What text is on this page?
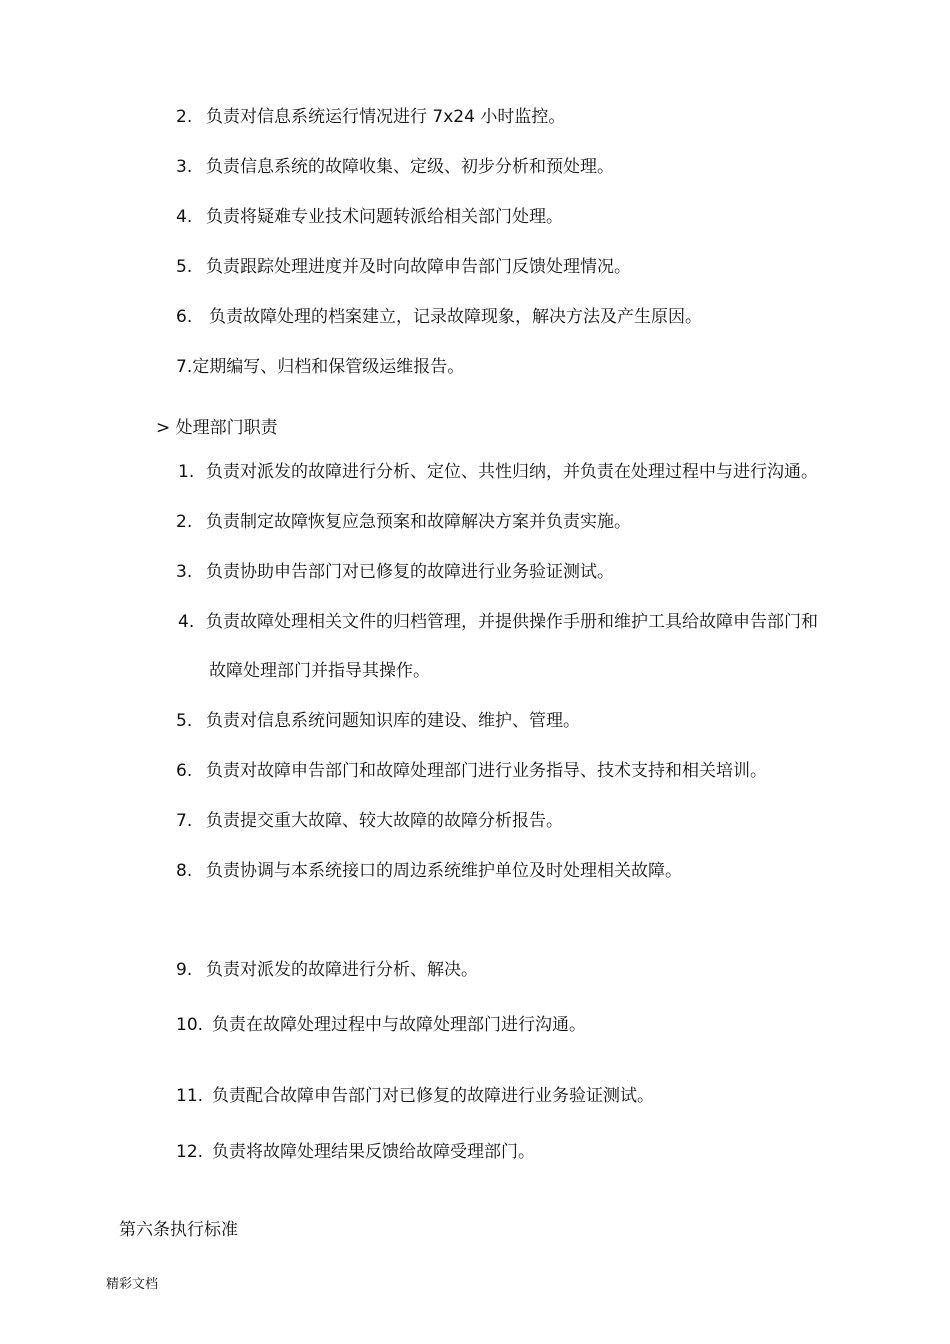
2. 负责对信息系统运行情况进行 7x24 小时监控。
3. 负责信息系统的故障收集、定级、初步分析和预处理。
4. 负责将疑难专业技术问题转派给相关部门处理。
5. 负责跟踪处理进度并及时向故障申告部门反馈处理情况。
6. 负责故障处理的档案建立，记录故障现象，解决方法及产生原因。
7.定期编写、归档和保管级运维报告。
> 处理部门职责
1. 负责对派发的故障进行分析、定位、共性归纳，并负责在处理过程中与进行沟通。
2. 负责制定故障恢复应急预案和故障解决方案并负责实施。
3. 负责协助申告部门对已修复的故障进行业务验证测试。
4. 负责故障处理相关文件的归档管理，并提供操作手册和维护工具给故障申告部门和
故障处理部门并指导其操作。
5. 负责对信息系统问题知识库的建设、维护、管理。
6. 负责对故障申告部门和故障处理部门进行业务指导、技术支持和相关培训。
7. 负责提交重大故障、较大故障的故障分析报告。
8. 负责协调与本系统接口的周边系统维护单位及时处理相关故障。
9. 负责对派发的故障进行分析、解决。
10. 负责在故障处理过程中与故障处理部门进行沟通。
11. 负责配合故障申告部门对已修复的故障进行业务验证测试。
12. 负责将故障处理结果反馈给故障受理部门。
第六条执行标准
精彩文档
